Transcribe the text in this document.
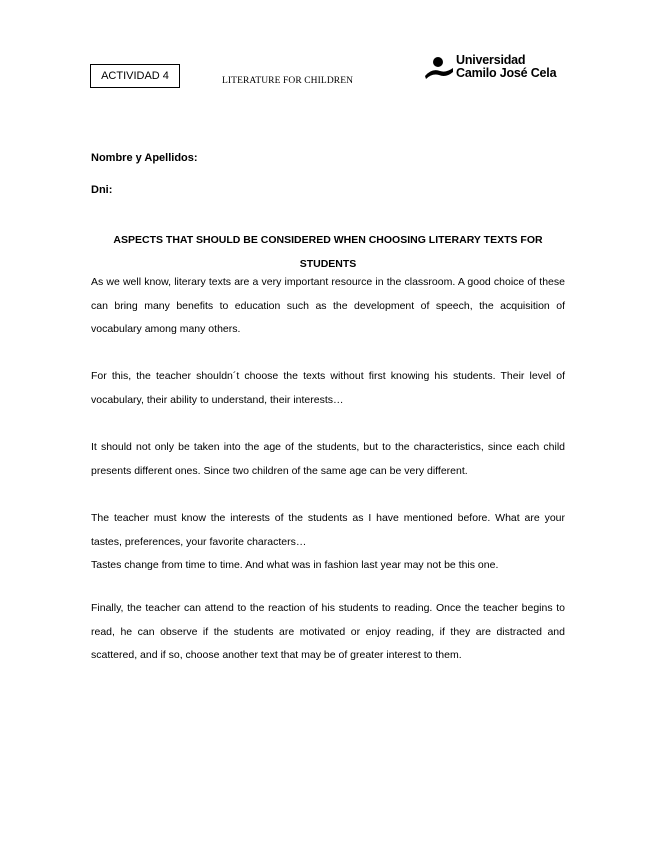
ACTIVIDAD 4	LITERATURE FOR CHILDREN
Universidad
Camilo José Cela
Nombre y Apellidos:
Dni:
ASPECTS THAT SHOULD BE CONSIDERED WHEN CHOOSING LITERARY TEXTS FOR
STUDENTS
As we well know, literary texts are a very important resource in the classroom. A good choice of these can bring many benefits to education such as the development of speech, the acquisition of vocabulary among many others.
For this, the teacher shouldn´t choose the texts without first knowing his students. Their level of vocabulary, their ability to understand, their interests…
It should not only be taken into the age of the students, but to the characteristics, since each child presents different ones. Since two children of the same age can be very different.
The teacher must know the interests of the students as I have mentioned before. What are your tastes, preferences, your favorite characters…
Tastes change from time to time. And what was in fashion last year may not be this one.
Finally, the teacher can attend to the reaction of his students to reading. Once the teacher begins to read, he can observe if the students are motivated or enjoy reading, if they are distracted and scattered, and if so, choose another text that may be of greater interest to them.
